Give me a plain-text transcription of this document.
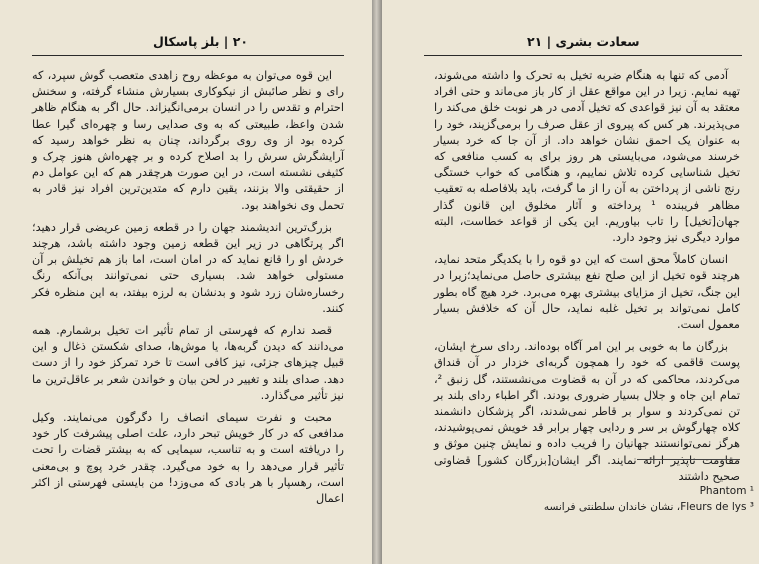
٢٠ | بلز پاسکال

این قوه می‌توان به موعظه روح زاهدی متعصب گوش سپرد، که رای و نظر صائبش از نیکوکاری بسیارش منشاء گرفته، و سخنش احترام و تقدس را در انسان برمی‌انگیزاند. حال اگر به هنگام ظاهر شدن واعظ، طبیعتی که به وی صدایی رسا و چهره‌ای گیرا عطا کرده بود از وی روی برگرداند، چنان به نظر خواهد رسید که آرایشگرش سرش را بد اصلاح کرده و بر چهره‌اش هنوز چرک و کثیفی نشسته است، در این صورت هرچقدر هم که این عوامل دم از حقیقتی والا بزنند، یقین دارم که متدین‌ترین افراد نیز قادر به تحمل وی نخواهند بود.

بزرگ‌ترین اندیشمند جهان را در قطعه زمین عریضی قرار دهید؛اگر پرتگاهی در زیر این قطعه زمین وجود داشته باشد، هرچند خردش او را قانع نماید که در امان است، اما باز هم تخیلش بر آن مستولی خواهد شد. بسیاری حتی نمی‌توانند بی‌آنکه رنگ رخساره‌شان زرد شود و بدنشان به لرزه بیفتد، به این منظره فکر کنند.

قصد ندارم که فهرستی از تمام تأثیر ات تخیل برشمارم. همه می‌دانند که دیدن گربه‌ها، یا موش‌ها، صدای شکستن ذغال و این قبیل چیزهای جزئی، نیز کافی است تا خرد تمرکز خود را از دست دهد. صدای بلند و تغییر در لحن بیان و خواندن شعر بر عاقل‌ترین ما نیز تأثیر می‌گذارد.

محبت و نفرت سیمای انصاف را دگرگون می‌نمایند. وکیل مدافعی که در کار خویش تبحر دارد، علت اصلی پیشرفت کار خود را دریافته است و به تناسب، سیمایی که به بیشتر قضات را تحت تأثیر قرار می‌دهد را به خود می‌گیرد. چقدر خرد پوچ و بی‌معنی است، رهسپار با هر بادی که می‌وزد! من بایستی فهرستی از اکثر اعمال

سعادت بشری | ٢١

آدمی که تنها به هنگام ضربه تخیل به تحرک وا داشته می‌شوند، تهیه نمایم. زیرا در این مواقع عقل از کار باز می‌ماند و حتی افراد معتقد به آن نیز قواعدی که تخیل آدمی در هر نوبت خلق می‌کند را می‌پذیرند. هر کس که پیروی از عقل صرف را برمی‌گزیند، خود را به عنوان یک احمق نشان خواهد داد. از آن جا که خرد بسیار خرسند می‌شود، می‌بایستی هر روز برای به کسب منافعی که تخیل شناسایی کرده تلاش نماییم، و هنگامی که خواب خستگی رنج ناشی از پرداختن به آن را از ما گرفت، باید بلافاصله به تعقیب مظاهر فریبنده ¹ پرداخته و آثار مخلوق این قانون گذار جهان[تخیل] را تاب بیاوریم. این یکی از قواعد خطاست، البته موارد دیگری نیز وجود دارد.

انسان کاملاً محق است که این دو قوه را با یکدیگر متحد نماید، هرچند قوه تخیل از این صلح نفع بیشتری حاصل می‌نماید؛زیرا در این جنگ، تخیل از مزایای بیشتری بهره می‌برد. خرد هیچ گاه بطور کامل نمی‌تواند بر تخیل غلبه نماید، حال آن که خلافش بسیار معمول است.

بزرگان ما به خوبی بر این امر آگاه بوده‌اند. ردای سرخ ایشان، پوست قاقمی که خود را همچون گربه‌ای خزدار در آن قنداق می‌کردند، محاکمی که در آن به قضاوت می‌نشستند، گل زنبق ²، تمام این جاه و جلال بسیار ضروری بودند. اگر اطباء ردای بلند بر تن نمی‌کردند و سوار بر قاطر نمی‌شدند، اگر پزشکان دانشمند کلاه چهارگوش بر سر و ردایی چهار برابر قد خویش نمی‌پوشیدند، هرگز نمی‌توانستند جهانیان را فریب داده و نمایش چنین موثق و مقاومت ناپذیر ارائه نمایند. اگر ایشان[بزرگان کشور] قضاوتی صحیح داشتند

Phantom ¹
Fleurs de lys ³، نشان خاندان سلطنتی فرانسه
